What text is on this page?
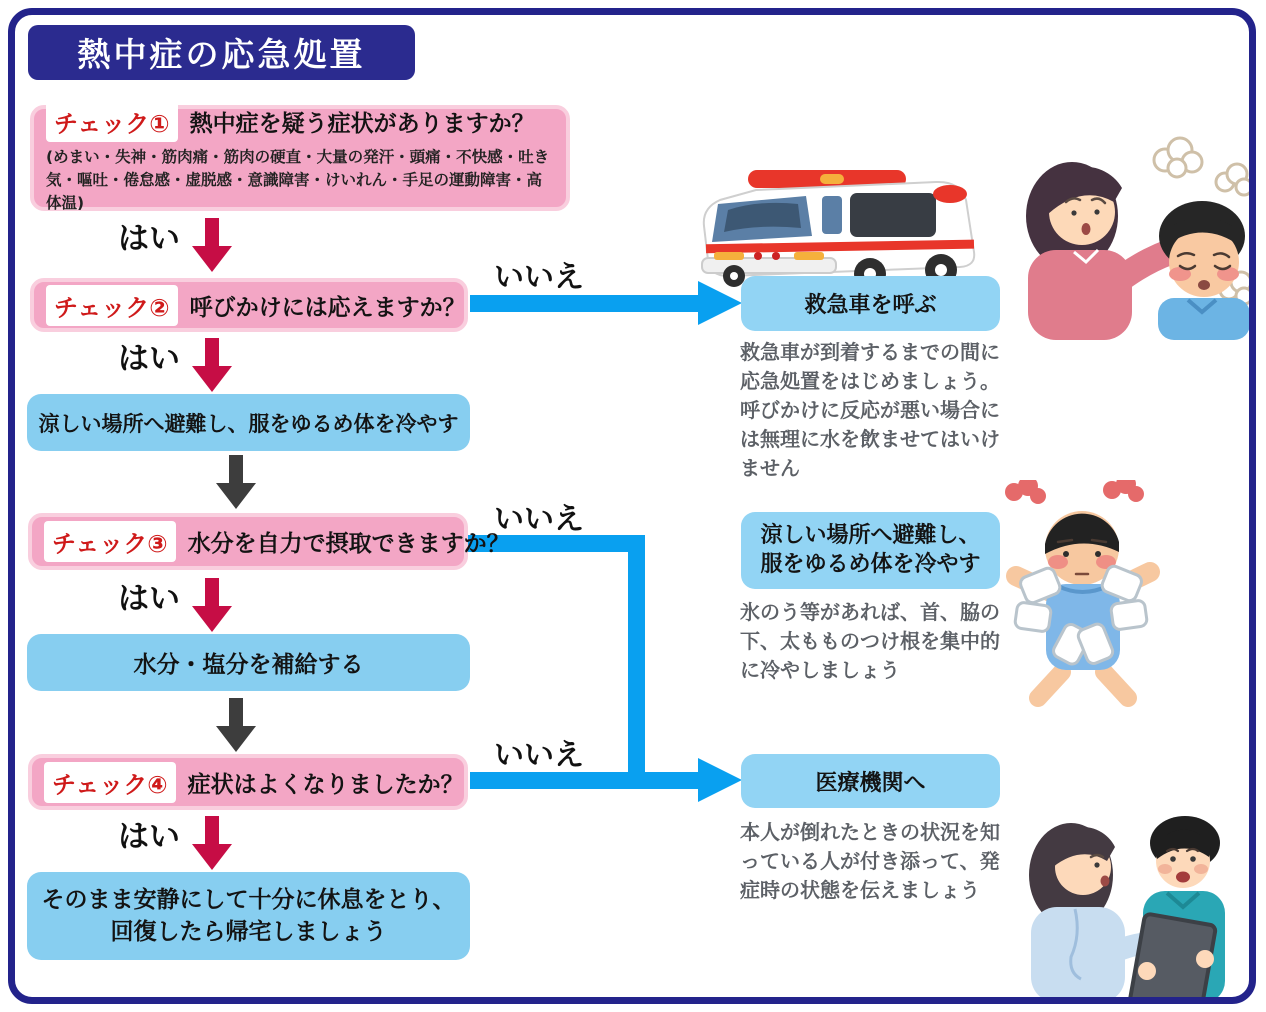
熱中症の応急処置
チェック① 熱中症を疑う症状がありますか？
(めまい・失神・筋肉痛・筋肉の硬直・大量の発汗・頭痛・不快感・吐き気・嘔吐・倦怠感・虚脱感・意識障害・けいれん・手足の運動障害・高体温)
はい
チェック② 呼びかけには応えますか？
いいえ
はい
涼しい場所へ避難し、服をゆるめ体を冷やす
チェック③ 水分を自力で摂取できますか？
いいえ
はい
水分・塩分を補給する
チェック④ 症状はよくなりましたか？
いいえ
はい
そのまま安静にして十分に休息をとり、
回復したら帰宅しましょう
救急車を呼ぶ
救急車が到着するまでの間に応急処置をはじめましょう。呼びかけに反応が悪い場合には無理に水を飲ませてはいけません
涼しい場所へ避難し、
服をゆるめ体を冷やす
氷のう等があれば、首、脇の下、太もものつけ根を集中的に冷やしましょう
医療機関へ
本人が倒れたときの状況を知っている人が付き添って、発症時の状態を伝えましょう
